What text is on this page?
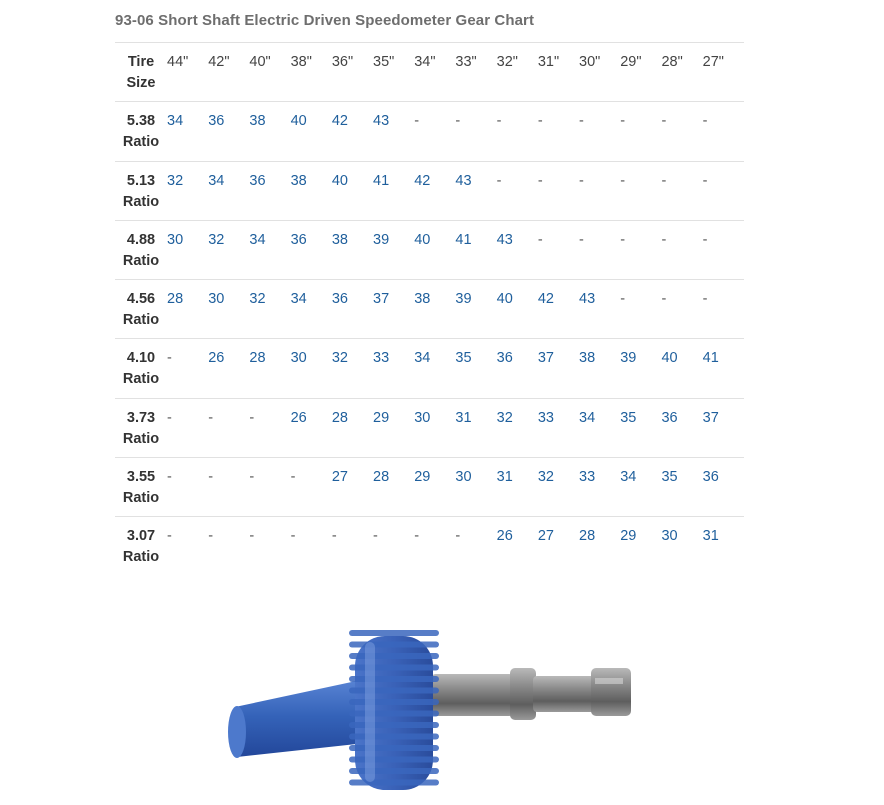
93-06 Short Shaft Electric Driven Speedometer Gear Chart
Tire
Size	44"	42"	40"	38"	36"	35"	34"	33"	32"	31"	30"	29"	28"	27"

5.38
Ratio	34	36	38	40	42	43	-	-	-	-	-	-	-	-

5.13
Ratio	32	34	36	38	40	41	42	43	-	-	-	-	-	-

4.88
Ratio	30	32	34	36	38	39	40	41	43	-	-	-	-	-

4.56
Ratio	28	30	32	34	36	37	38	39	40	42	43	-	-	-

4.10
Ratio	-	26	28	30	32	33	34	35	36	37	38	39	40	41

3.73
Ratio	-	-	-	26	28	29	30	31	32	33	34	35	36	37

3.55
Ratio	-	-	-	-	27	28	29	30	31	32	33	34	35	36

3.07
Ratio	-	-	-	-	-	-	-	-	26	27	28	29	30	31
